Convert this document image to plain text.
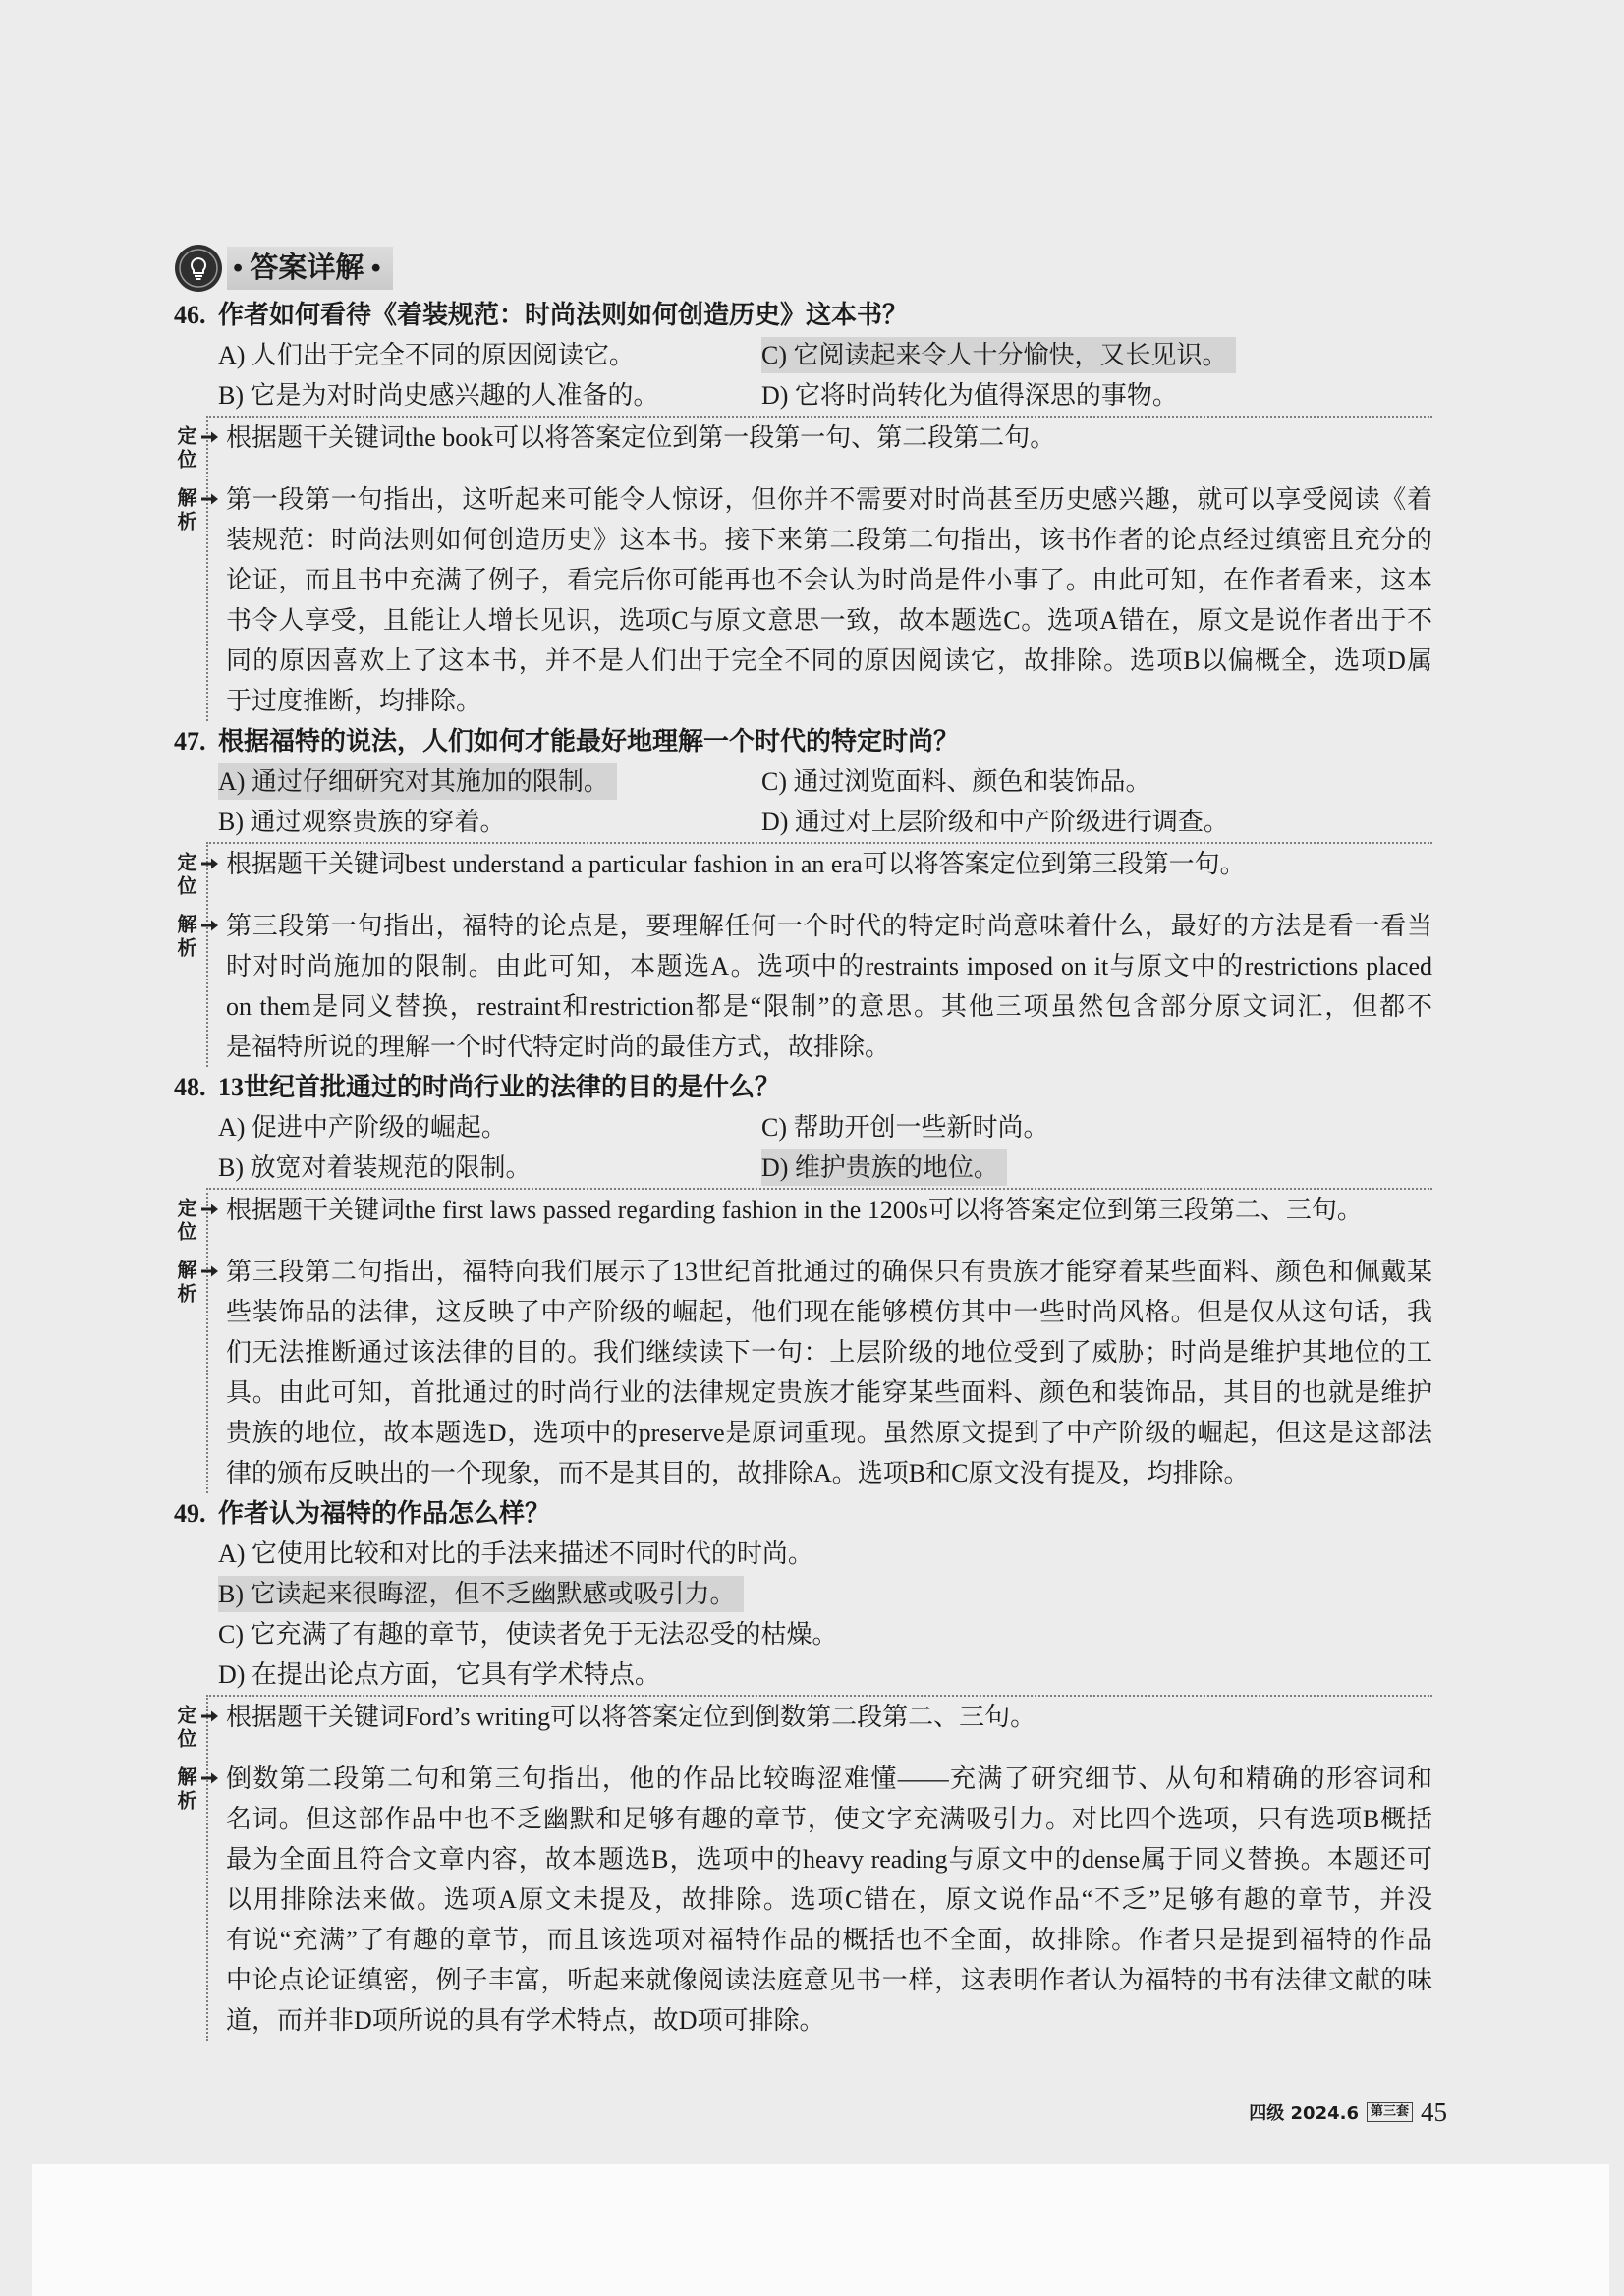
• 答案详解 •
46. 作者如何看待《着装规范：时尚法则如何创造历史》这本书？
A) 人们出于完全不同的原因阅读它。	C) 它阅读起来令人十分愉快，又长见识。
B) 它是为对时尚史感兴趣的人准备的。	D) 它将时尚转化为值得深思的事物。
定位 根据题干关键词the book可以将答案定位到第一段第一句、第二段第二句。
解析 第一段第一句指出，这听起来可能令人惊讶，但你并不需要对时尚甚至历史感兴趣，就可以享受阅读《着
装规范：时尚法则如何创造历史》这本书。接下来第二段第二句指出，该书作者的论点经过缜密且充分的
论证，而且书中充满了例子，看完后你可能再也不会认为时尚是件小事了。由此可知，在作者看来，这本
书令人享受，且能让人增长见识，选项C与原文意思一致，故本题选C。选项A错在，原文是说作者出于不
同的原因喜欢上了这本书，并不是人们出于完全不同的原因阅读它，故排除。选项B以偏概全，选项D属
于过度推断，均排除。
47. 根据福特的说法，人们如何才能最好地理解一个时代的特定时尚？
A) 通过仔细研究对其施加的限制。	C) 通过浏览面料、颜色和装饰品。
B) 通过观察贵族的穿着。	D) 通过对上层阶级和中产阶级进行调查。
定位 根据题干关键词best understand a particular fashion in an era可以将答案定位到第三段第一句。
解析 第三段第一句指出，福特的论点是，要理解任何一个时代的特定时尚意味着什么，最好的方法是看一看当
时对时尚施加的限制。由此可知，本题选A。选项中的restraints imposed on it与原文中的restrictions placed
on them是同义替换，restraint和restriction都是“限制”的意思。其他三项虽然包含部分原文词汇，但都不
是福特所说的理解一个时代特定时尚的最佳方式，故排除。
48. 13世纪首批通过的时尚行业的法律的目的是什么？
A) 促进中产阶级的崛起。	C) 帮助开创一些新时尚。
B) 放宽对着装规范的限制。	D) 维护贵族的地位。
定位 根据题干关键词the first laws passed regarding fashion in the 1200s可以将答案定位到第三段第二、三句。
解析 第三段第二句指出，福特向我们展示了13世纪首批通过的确保只有贵族才能穿着某些面料、颜色和佩戴某
些装饰品的法律，这反映了中产阶级的崛起，他们现在能够模仿其中一些时尚风格。但是仅从这句话，我
们无法推断通过该法律的目的。我们继续读下一句：上层阶级的地位受到了威胁；时尚是维护其地位的工
具。由此可知，首批通过的时尚行业的法律规定贵族才能穿某些面料、颜色和装饰品，其目的也就是维护
贵族的地位，故本题选D，选项中的preserve是原词重现。虽然原文提到了中产阶级的崛起，但这是这部法
律的颁布反映出的一个现象，而不是其目的，故排除A。选项B和C原文没有提及，均排除。
49. 作者认为福特的作品怎么样？
A) 它使用比较和对比的手法来描述不同时代的时尚。
B) 它读起来很晦涩，但不乏幽默感或吸引力。
C) 它充满了有趣的章节，使读者免于无法忍受的枯燥。
D) 在提出论点方面，它具有学术特点。
定位 根据题干关键词Ford’s writing可以将答案定位到倒数第二段第二、三句。
解析 倒数第二段第二句和第三句指出，他的作品比较晦涩难懂——充满了研究细节、从句和精确的形容词和
名词。但这部作品中也不乏幽默和足够有趣的章节，使文字充满吸引力。对比四个选项，只有选项B概括
最为全面且符合文章内容，故本题选B，选项中的heavy reading与原文中的dense属于同义替换。本题还可
以用排除法来做。选项A原文未提及，故排除。选项C错在，原文说作品“不乏”足够有趣的章节，并没
有说“充满”了有趣的章节，而且该选项对福特作品的概括也不全面，故排除。作者只是提到福特的作品
中论点论证缜密，例子丰富，听起来就像阅读法庭意见书一样，这表明作者认为福特的书有法律文献的味
道，而并非D项所说的具有学术特点，故D项可排除。
四级 2024.6 第三套 45
